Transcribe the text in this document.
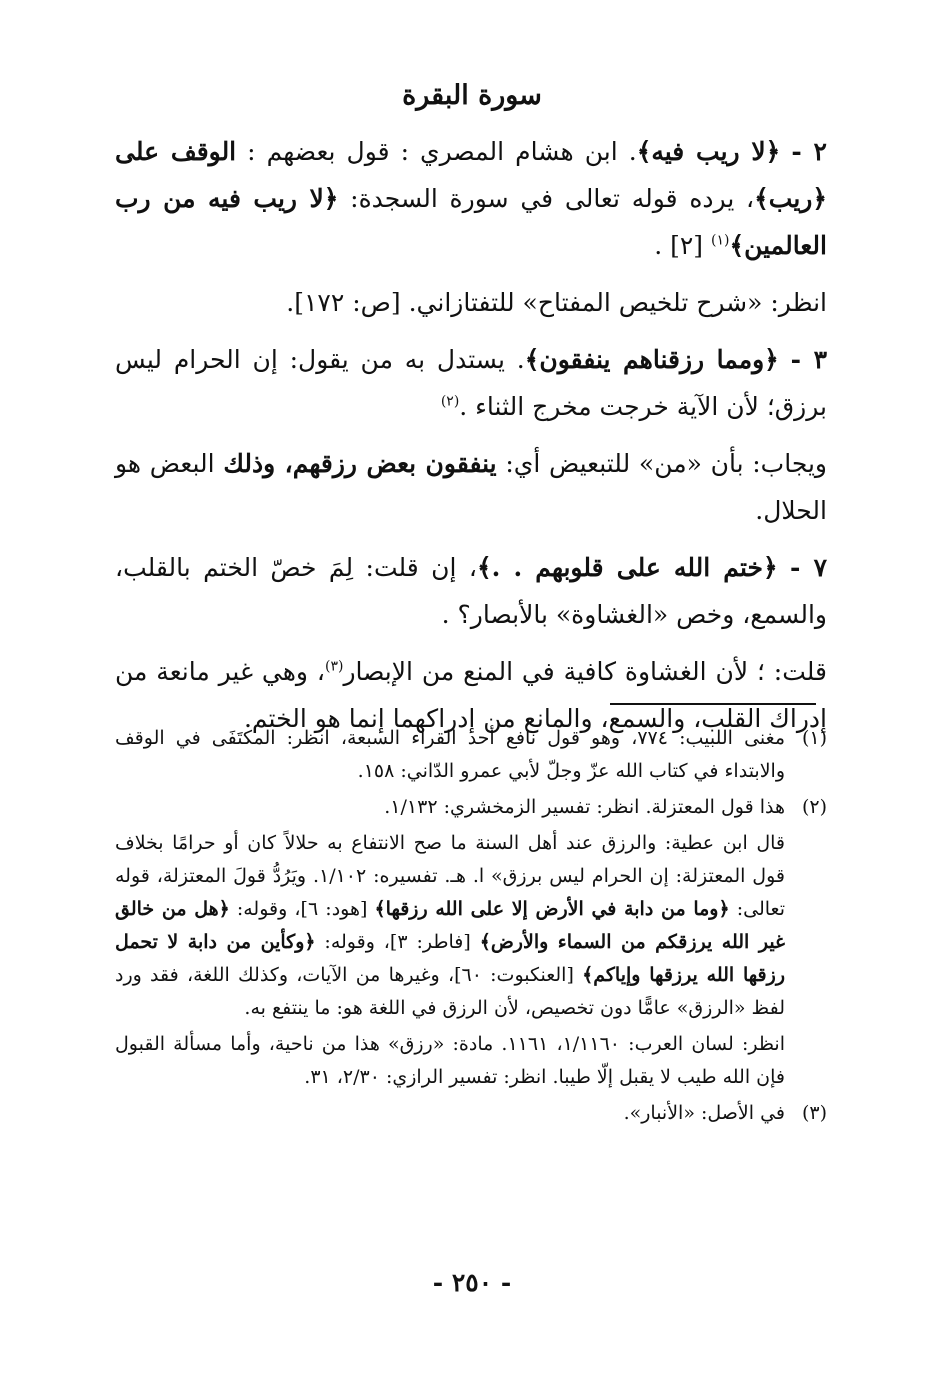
سورة البقرة

٢ - ﴿لا ريب فيه﴾. ابن هشام المصري : قول بعضهم : الوقف على ﴿ريب﴾، يرده قوله تعالى في سورة السجدة: ﴿لا ريب فيه من رب العالمين﴾$^{(١)}$ [٢] .

انظر: «شرح تلخيص المفتاح» للتفتازاني. [ص: ١٧٢].

٣ - ﴿ومما رزقناهم ينفقون﴾. يستدل به من يقول: إن الحرام ليس برزق؛ لأن الآية خرجت مخرج الثناء .$^{(٢)}$

ويجاب: بأن «من» للتبعيض أي: ينفقون بعض رزقهم، وذلك البعض هو الحلال.

٧ - ﴿ختم الله على قلوبهم . .﴾، إن قلت: لِمَ خصّ الختم بالقلب، والسمع، وخص «الغشاوة» بالأبصار؟ .

قلت: ؛ لأن الغشاوة كافية في المنع من الإبصار$^{(٣)}$، وهي غير مانعة من إدراك القلب، والسمع، والمانع من إدراكهما إنما هو الختم.

(١)
مغنى اللبيب: ٧٧٤، وهو قول نافع أحد القراء السبعة، انظر: المكتَفَى في الوقف والابتداء في كتاب الله عزّ وجلّ لأبي عمرو الدّاني: ١٥٨.
(٢)
هذا قول المعتزلة. انظر: تفسير الزمخشري: ١/١٣٢.
قال ابن عطية: والرزق عند أهل السنة ما صح الانتفاع به حلالاً كان أو حرامًا بخلاف قول المعتزلة: إن الحرام ليس برزق» ا. هـ. تفسيره: ١/١٠٢. ويَرُدُّ قولَ المعتزلة، قوله تعالى: ﴿وما من دابة في الأرض إلا على الله رزقها﴾ [هود: ٦]، وقوله: ﴿هل من خالق غير الله يرزقكم من السماء والأرض﴾ [فاطر: ٣]، وقوله: ﴿وكأين من دابة لا تحمل رزقها الله يرزقها وإياكم﴾ [العنكبوت: ٦٠]، وغيرها من الآيات، وكذلك اللغة، فقد ورد لفظ «الرزق» عامًّا دون تخصيص، لأن الرزق في اللغة هو: ما ينتفع به.
انظر: لسان العرب: ١/١١٦٠، ١١٦١. مادة: «رزق» هذا من ناحية، وأما مسألة القبول فإن الله طيب لا يقبل إلّا طيبا. انظر: تفسير الرازي: ٢/٣٠، ٣١.
(٣)
في الأصل: «الأنبار».
- ٢٥٠ -
